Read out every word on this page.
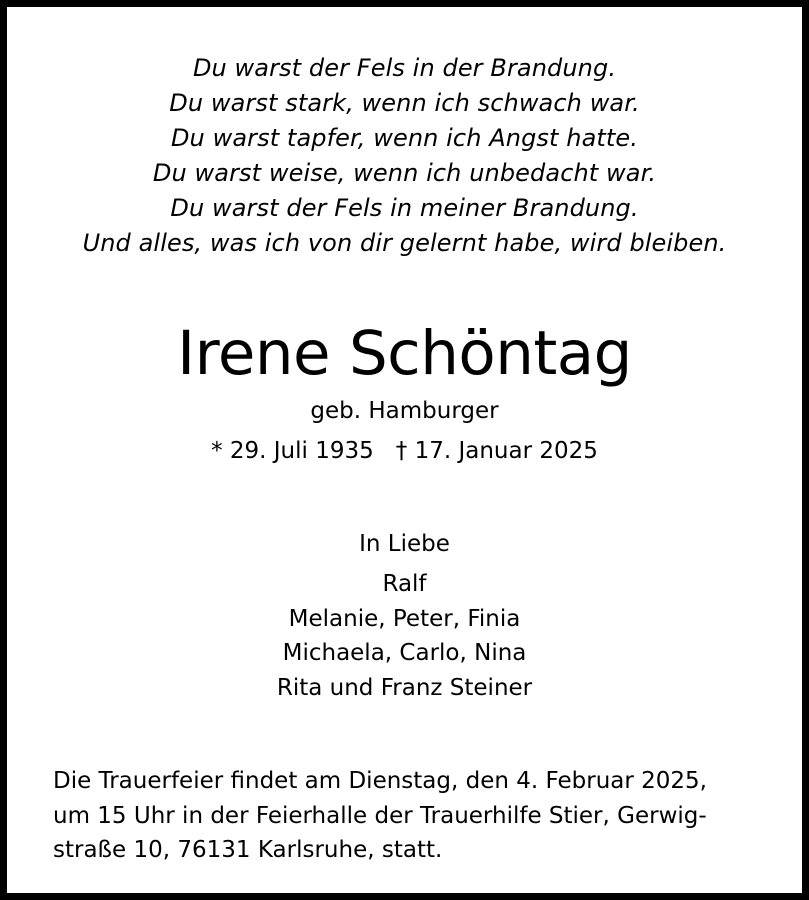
Du warst der Fels in der Brandung.
Du warst stark, wenn ich schwach war.
Du warst tapfer, wenn ich Angst hatte.
Du warst weise, wenn ich unbedacht war.
Du warst der Fels in meiner Brandung.
Und alles, was ich von dir gelernt habe, wird bleiben.
Irene Schöntag
geb. Hamburger
* 29. Juli 1935 † 17. Januar 2025
In Liebe
Ralf
Melanie, Peter, Finia
Michaela, Carlo, Nina
Rita und Franz Steiner
Die Trauerfeier findet am Dienstag, den 4. Februar 2025,
um 15 Uhr in der Feierhalle der Trauerhilfe Stier, Gerwig-
straße 10, 76131 Karlsruhe, statt.
